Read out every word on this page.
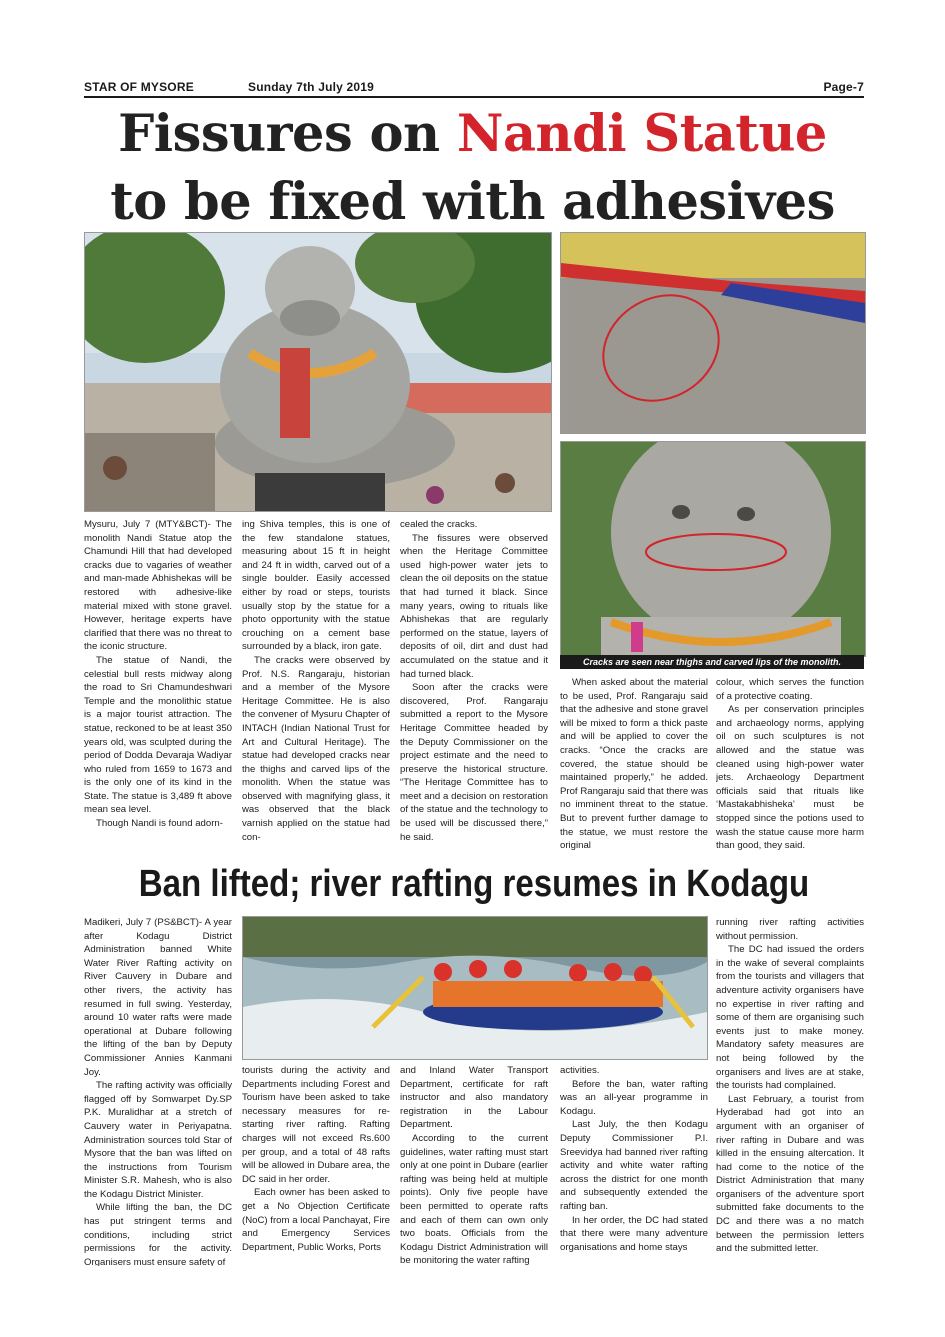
STAR OF MYSORE	Sunday 7th July 2019	Page-7
Fissures on Nandi Statue
to be fixed with adhesives
Cracks are seen near thighs and carved lips of the monolith.

Mysuru, July 7 (MTY&BCT)- The monolith Nandi Statue atop the Chamundi Hill that had developed cracks due to vagaries of weather and man-made Abhishekas will be restored with adhesive-like material mixed with stone gravel. However, heritage experts have clarified that there was no threat to the iconic structure.

The statue of Nandi, the celestial bull rests midway along the road to Sri Chamundeshwari Temple and the monolithic statue is a major tourist attraction. The statue, reckoned to be at least 350 years old, was sculpted during the period of Dodda Devaraja Wadiyar who ruled from 1659 to 1673 and is the only one of its kind in the State. The statue is 3,489 ft above mean sea level.

Though Nandi is found adorn-

ing Shiva temples, this is one of the few standalone statues, measuring about 15 ft in height and 24 ft in width, carved out of a single boulder. Easily accessed either by road or steps, tourists usually stop by the statue for a photo opportunity with the statue crouching on a cement base surrounded by a black, iron gate.

The cracks were observed by Prof. N.S. Rangaraju, historian and a member of the Mysore Heritage Committee. He is also the convener of Mysuru Chapter of INTACH (Indian National Trust for Art and Cultural Heritage). The statue had developed cracks near the thighs and carved lips of the monolith. When the statue was observed with magnifying glass, it was observed that the black varnish applied on the statue had con-

cealed the cracks.

The fissures were observed when the Heritage Committee used high-power water jets to clean the oil deposits on the statue that had turned it black. Since many years, owing to rituals like Abhishekas that are regularly performed on the statue, layers of deposits of oil, dirt and dust had accumulated on the statue and it had turned black.

Soon after the cracks were discovered, Prof. Rangaraju submitted a report to the Mysore Heritage Committee headed by the Deputy Commissioner on the project estimate and the need to preserve the historical structure. “The Heritage Committee has to meet and a decision on restoration of the statue and the technology to be used will be discussed there,” he said.

When asked about the material to be used, Prof. Rangaraju said that the adhesive and stone gravel will be mixed to form a thick paste and will be applied to cover the cracks. “Once the cracks are covered, the statue should be maintained properly,” he added. Prof Rangaraju said that there was no imminent threat to the statue. But to prevent further damage to the statue, we must restore the original

colour, which serves the function of a protective coating.

As per conservation principles and archaeology norms, applying oil on such sculptures is not allowed and the statue was cleaned using high-power water jets. Archaeology Department officials said that rituals like ‘Mastakabhisheka’ must be stopped since the potions used to wash the statue cause more harm than good, they said.

Ban lifted; river rafting resumes in Kodagu

Madikeri, July 7 (PS&BCT)- A year after Kodagu District Administration banned White Water River Rafting activity on River Cauvery in Dubare and other rivers, the activity has resumed in full swing. Yesterday, around 10 water rafts were made operational at Dubare following the lifting of the ban by Deputy Commissioner Annies Kanmani Joy.

The rafting activity was officially flagged off by Somwarpet Dy.SP P.K. Muralidhar at a stretch of Cauvery water in Periyapatna. Administration sources told Star of Mysore that the ban was lifted on the instructions from Tourism Minister S.R. Mahesh, who is also the Kodagu District Minister.

While lifting the ban, the DC has put stringent terms and conditions, including strict permissions for the activity. Organisers must ensure safety of

tourists during the activity and Departments including Forest and Tourism have been asked to take necessary measures for re-starting river rafting. Rafting charges will not exceed Rs.600 per group, and a total of 48 rafts will be allowed in Dubare area, the DC said in her order.

Each owner has been asked to get a No Objection Certificate (NoC) from a local Panchayat, Fire and Emergency Services Department, Public Works, Ports

and Inland Water Transport Department, certificate for raft instructor and also mandatory registration in the Labour Department.

According to the current guidelines, water rafting must start only at one point in Dubare (earlier rafting was being held at multiple points). Only five people have been permitted to operate rafts and each of them can own only two boats. Officials from the Kodagu District Administration will be monitoring the water rafting

activities.

Before the ban, water rafting was an all-year programme in Kodagu.

Last July, the then Kodagu Deputy Commissioner P.I. Sreevidya had banned river rafting activity and white water rafting across the district for one month and subsequently extended the rafting ban.

In her order, the DC had stated that there were many adventure organisations and home stays

running river rafting activities without permission.

The DC had issued the orders in the wake of several complaints from the tourists and villagers that adventure activity organisers have no expertise in river rafting and some of them are organising such events just to make money. Mandatory safety measures are not being followed by the organisers and lives are at stake, the tourists had complained.

Last February, a tourist from Hyderabad had got into an argument with an organiser of river rafting in Dubare and was killed in the ensuing altercation. It had come to the notice of the District Administration that many organisers of the adventure sport submitted fake documents to the DC and there was a no match between the permission letters and the submitted letter.
